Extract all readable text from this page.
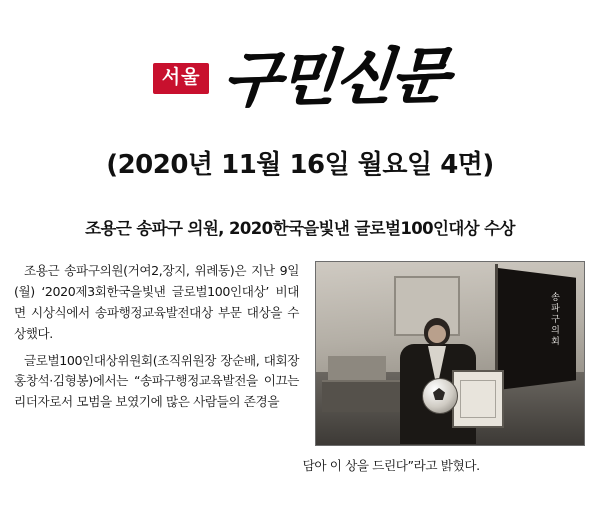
서울 구민신문
(2020년 11월 16일 월요일 4면)
조용근 송파구 의원, 2020한국을빛낸 글로벌100인대상 수상

조용근 송파구의원(거여2,장지, 위례동)은 지난 9일(월) ‘2020제3회한국을빛낸 글로벌100인대상’ 비대면 시상식에서 송파행정교육발전대상 부문 대상을 수상했다.

글로벌100인대상위원회(조직위원장 장순배, 대회장 홍창석·김형봉)에서는 “송파구행정교육발전을 이끄는 리더자로서 모범을 보였기에 많은 사람들의 존경을

송파구의회
담아 이 상을 드린다”라고 밝혔다.
